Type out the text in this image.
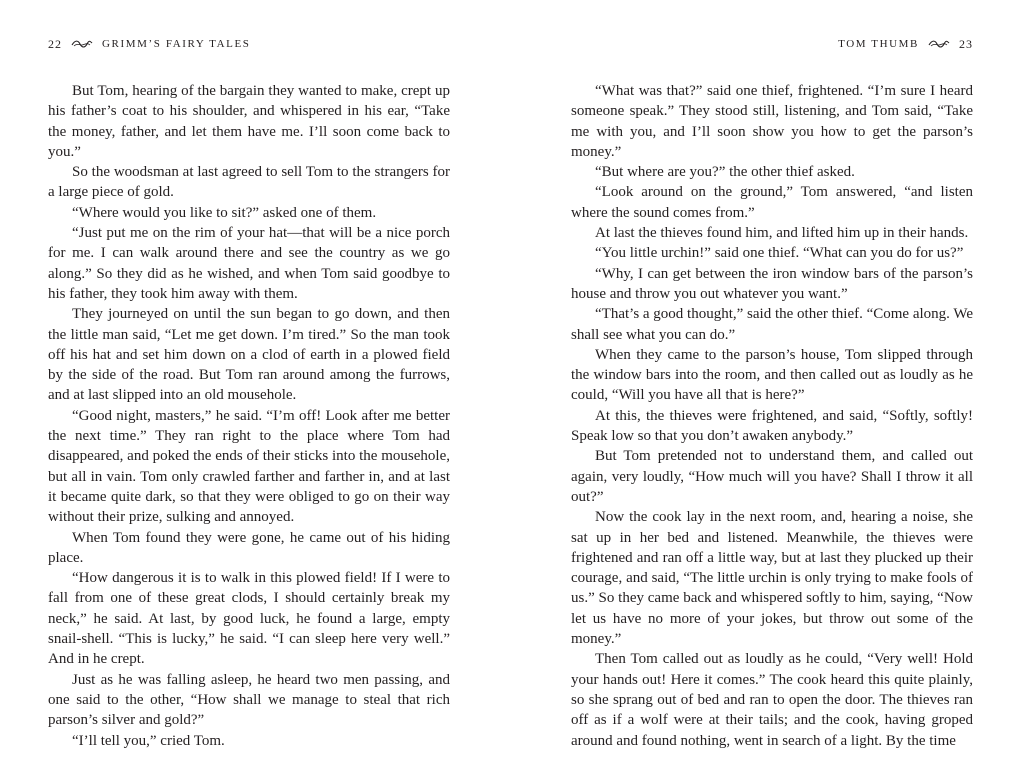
22	GRIMM’S FAIRY TALES

But Tom, hearing of the bargain they wanted to make, crept up his father’s coat to his shoulder, and whispered in his ear, “Take the money, father, and let them have me. I’ll soon come back to you.”

So the woodsman at last agreed to sell Tom to the strangers for a large piece of gold.

“Where would you like to sit?” asked one of them.

“Just put me on the rim of your hat—that will be a nice porch for me. I can walk around there and see the country as we go along.” So they did as he wished, and when Tom said goodbye to his father, they took him away with them.

They journeyed on until the sun began to go down, and then the little man said, “Let me get down. I’m tired.” So the man took off his hat and set him down on a clod of earth in a plowed field by the side of the road. But Tom ran around among the furrows, and at last slipped into an old mousehole.

“Good night, masters,” he said. “I’m off! Look after me better the next time.” They ran right to the place where Tom had disappeared, and poked the ends of their sticks into the mousehole, but all in vain. Tom only crawled farther and farther in, and at last it became quite dark, so that they were obliged to go on their way without their prize, sulking and annoyed.

When Tom found they were gone, he came out of his hiding place.

“How dangerous it is to walk in this plowed field! If I were to fall from one of these great clods, I should certainly break my neck,” he said. At last, by good luck, he found a large, empty snail-shell. “This is lucky,” he said. “I can sleep here very well.” And in he crept.

Just as he was falling asleep, he heard two men passing, and one said to the other, “How shall we manage to steal that rich parson’s silver and gold?”

“I’ll tell you,” cried Tom.

TOM THUMB	23

“What was that?” said one thief, frightened. “I’m sure I heard someone speak.” They stood still, listening, and Tom said, “Take me with you, and I’ll soon show you how to get the parson’s money.”

“But where are you?” the other thief asked.

“Look around on the ground,” Tom answered, “and listen where the sound comes from.”

At last the thieves found him, and lifted him up in their hands.

“You little urchin!” said one thief. “What can you do for us?”

“Why, I can get between the iron window bars of the parson’s house and throw you out whatever you want.”

“That’s a good thought,” said the other thief. “Come along. We shall see what you can do.”

When they came to the parson’s house, Tom slipped through the window bars into the room, and then called out as loudly as he could, “Will you have all that is here?”

At this, the thieves were frightened, and said, “Softly, softly! Speak low so that you don’t awaken anybody.”

But Tom pretended not to understand them, and called out again, very loudly, “How much will you have? Shall I throw it all out?”

Now the cook lay in the next room, and, hearing a noise, she sat up in her bed and listened. Meanwhile, the thieves were frightened and ran off a little way, but at last they plucked up their courage, and said, “The little urchin is only trying to make fools of us.” So they came back and whispered softly to him, saying, “Now let us have no more of your jokes, but throw out some of the money.”

Then Tom called out as loudly as he could, “Very well! Hold your hands out! Here it comes.” The cook heard this quite plainly, so she sprang out of bed and ran to open the door. The thieves ran off as if a wolf were at their tails; and the cook, having groped around and found nothing, went in search of a light. By the time
